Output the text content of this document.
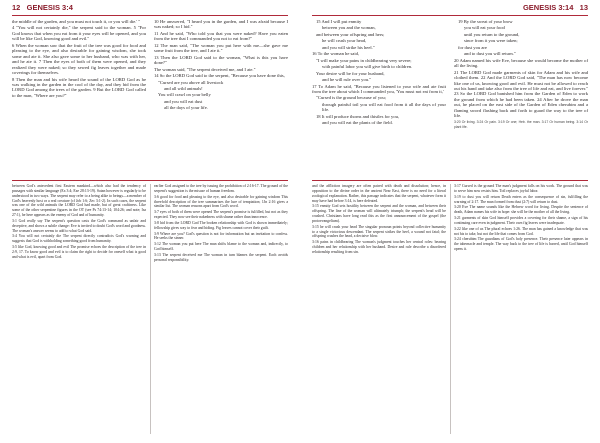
12 GENESIS 3:4

the middle of the garden, and you must not touch it, or you will die.' "

4 "You will not certainly die," the serpent said to the woman. 5 "For God knows that when you eat from it your eyes will be opened, and you will be like God, knowing good and evil."

6 When the woman saw that the fruit of the tree was good for food and pleasing to the eye, and also desirable for gaining wisdom, she took some and ate it. She also gave some to her husband, who was with her, and he ate it. 7 Then the eyes of both of them were opened, and they realized they were naked; so they sewed fig leaves together and made coverings for themselves.

8 Then the man and his wife heard the sound of the LORD God as he was walking in the garden in the cool of the day, and they hid from the LORD God among the trees of the garden. 9 But the LORD God called to the man, "Where are you?"

10 He answered, "I heard you in the garden, and I was afraid because I was naked; so I hid."

11 And he said, "Who told you that you were naked? Have you eaten from the tree that I commanded you not to eat from?"

12 The man said, "The woman you put here with me—she gave me some fruit from the tree, and I ate it."

13 Then the LORD God said to the woman, "What is this you have done?"

The woman said, "The serpent deceived me, and I ate."

14 So the LORD God said to the serpent, "Because you have done this,

"Cursed are you above all livestock

and all wild animals!

You will crawl on your belly

and you will eat dust

all the days of your life.

between God's antecedent first Eastern mankind—which also had the tendency of passages with similar language (Ex 3:4; Eze 28:13-19). Satan however is regularly to be understood in two ways. The serpent may refer to a being alike to beings—a member of God's heavenly host or a real creature (cf Job 1:6; Zec 3:1-2). In such cases, the serpent was one of the wild animals the LORD God had made, but of great craftiness. Like some of the other serpentine figures in the OT (see Ps 74:13-14; 104:26; and note; Isa 27:1), he here appears as the enemy of God and of humanity.

3:1 God really say The serpent's question casts the God's command as unfair and deceptive, and shows a subtle change: Eve is invited to doubt God's word and goodness. The woman's answer seems to add to what God said.

3:4 You will not certainly die The serpent directly contradicts God's warning and suggests that God is withholding something good from humanity.

3:5 like God, knowing good and evil The promise echoes the description of the tree in 2:9, 17. To know good and evil is to claim the right to decide for oneself what is good and what is evil, apart from God.

earlier God assigned to the tree by issuing the prohibition of 2:16-17. The ground of the serpent's suggestion is the misuse of human freedom.

3:6 good for food and pleasing to the eye, and also desirable for gaining wisdom This threefold description of the tree summarizes the lure of temptation; 1Jn 2:16 gives a similar list. The woman reasons apart from God's word.

3:7 eyes of both of them were opened The serpent's promise is fulfilled, but not as they expected. They now see their nakedness with shame rather than innocence.

3:8 hid from the LORD God The broken relationship with God is shown immediately; fellowship gives way to fear and hiding. Fig leaves cannot cover their guilt.

3:9 Where are you? God's question is not for information but an invitation to confess. He seeks the sinner.

3:12 The woman you put here The man shifts blame to the woman and, indirectly, to God himself.

3:13 The serpent deceived me The woman in turn blames the serpent. Each avoids personal responsibility.

GENESIS 3:14 13

15 And I will put enmity

between you and the woman,

and between your offspring and hers;

he will crush your head,

and you will strike his heel."

16 To the woman he said,

"I will make your pains in childbearing very severe;

with painful labor you will give birth to children.

Your desire will be for your husband,

and he will rule over you."

17 To Adam he said, "Because you listened to your wife and ate fruit from the tree about which I commanded you, 'You must not eat from it,'

"Cursed is the ground because of you;

through painful toil you will eat food from it all the days of your life.

18 It will produce thorns and thistles for you,

and you will eat the plants of the field.

19 By the sweat of your brow

you will eat your food

until you return to the ground,

since from it you were taken;

for dust you are

and to dust you will return."

20 Adam named his wife Eve, because she would become the mother of all the living.

21 The LORD God made garments of skin for Adam and his wife and clothed them. 22 And the LORD God said, "The man has now become like one of us, knowing good and evil. He must not be allowed to reach out his hand and take also from the tree of life and eat, and live forever." 23 So the LORD God banished him from the Garden of Eden to work the ground from which he had been taken. 24 After he drove the man out, he placed on the east side of the Garden of Eden cherubim and a flaming sword flashing back and forth to guard the way to the tree of life.

3:20 Or living. 3:24 Or pain. 3:19 Or one; Heb. the man. 3:17 Or human being. 3:14 Or plant life.

and the affliction imagery are often paired with death and dissolution; hence, in opposition to the divine order in the ancient Near East, there is no need for a literal zoological explanation. Rather, this passage indicates that the serpent, whatever form it may have had before 3:14, is here defeated.

3:15 enmity God sets hostility between the serpent and the woman, and between their offspring. The line of the woman will ultimately triumph; the serpent's head will be crushed. Christians have long read this as the first announcement of the gospel (the protoevangelium).

3:15 he will crush your head The singular pronoun points beyond collective humanity to a single victorious descendant. The serpent strikes the heel, a wound not fatal; the offspring crushes the head, a decisive blow.

3:16 pains in childbearing The woman's judgment touches her central roles: bearing children and her relationship with her husband. Desire and rule describe a disordered relationship resulting from sin.

3:17 Cursed is the ground The man's judgment falls on his work. The ground that was to serve him now resists him. Toil replaces joyful labor.

3:19 to dust you will return Death enters as the consequence of sin, fulfilling the warning of 2:17. The man formed from dust (2:7) will return to dust.

3:20 Eve The name sounds like the Hebrew word for living. Despite the sentence of death, Adam names his wife in hope: she will be the mother of all the living.

3:21 garments of skin God himself provides a covering for their shame, a sign of his continuing care even in judgment. Their own fig leaves were inadequate.

3:22 like one of us The plural echoes 1:26. The man has gained a knowledge that was not his to take, but not the life that comes from God.

3:24 cherubim The guardians of God's holy presence. Their presence later appears in the tabernacle and temple. The way back to the tree of life is barred, until God himself opens it.
